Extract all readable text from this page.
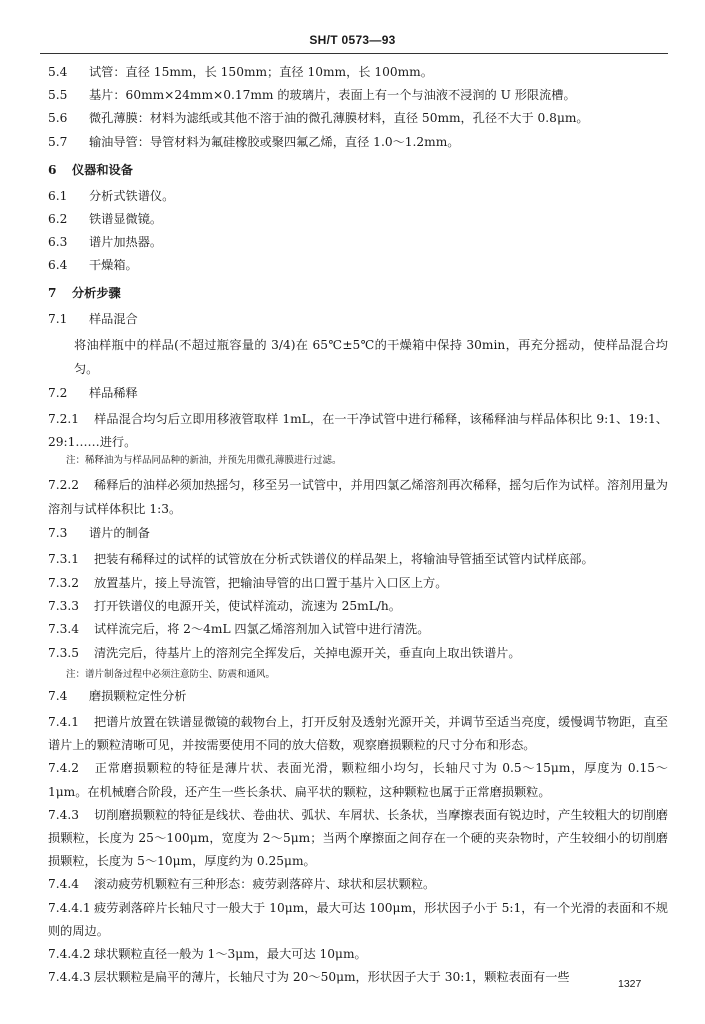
SH/T 0573—93
5.4 试管：直径 15mm，长 150mm；直径 10mm，长 100mm。
5.5 基片：60mm×24mm×0.17mm 的玻璃片，表面上有一个与油液不浸润的 U 形限流槽。
5.6 微孔薄膜：材料为滤纸或其他不溶于油的微孔薄膜材料，直径 50mm，孔径不大于 0.8μm。
5.7 输油导管：导管材料为氟硅橡胶或聚四氟乙烯，直径 1.0～1.2mm。
6 仪器和设备
6.1 分析式铁谱仪。
6.2 铁谱显微镜。
6.3 谱片加热器。
6.4 干燥箱。
7 分析步骤
7.1 样品混合
将油样瓶中的样品(不超过瓶容量的 3/4)在 65℃±5℃的干燥箱中保持 30min，再充分摇动，使样品混合均匀。
7.2 样品稀释
7.2.1 样品混合均匀后立即用移液管取样 1mL，在一干净试管中进行稀释，该稀释油与样品体积比 9:1、19:1、29:1……进行。
注：稀释油为与样品同品种的新油，并预先用微孔薄膜进行过滤。
7.2.2 稀释后的油样必须加热摇匀，移至另一试管中，并用四氯乙烯溶剂再次稀释，摇匀后作为试样。溶剂用量为溶剂与试样体积比 1:3。
7.3 谱片的制备
7.3.1 把装有稀释过的试样的试管放在分析式铁谱仪的样品架上，将输油导管插至试管内试样底部。
7.3.2 放置基片，接上导流管，把输油导管的出口置于基片入口区上方。
7.3.3 打开铁谱仪的电源开关，使试样流动，流速为 25mL/h。
7.3.4 试样流完后，将 2～4mL 四氯乙烯溶剂加入试管中进行清洗。
7.3.5 清洗完后，待基片上的溶剂完全挥发后，关掉电源开关，垂直向上取出铁谱片。
注：谱片制备过程中必须注意防尘、防震和通风。
7.4 磨损颗粒定性分析
7.4.1 把谱片放置在铁谱显微镜的载物台上，打开反射及透射光源开关，并调节至适当亮度，缓慢调节物距，直至谱片上的颗粒清晰可见，并按需要使用不同的放大倍数，观察磨损颗粒的尺寸分布和形态。
7.4.2 正常磨损颗粒的特征是薄片状、表面光滑，颗粒细小均匀，长轴尺寸为 0.5～15μm，厚度为 0.15～1μm。在机械磨合阶段，还产生一些长条状、扁平状的颗粒，这种颗粒也属于正常磨损颗粒。
7.4.3 切削磨损颗粒的特征是线状、卷曲状、弧状、车屑状、长条状，当摩擦表面有锐边时，产生较粗大的切削磨损颗粒，长度为 25～100μm，宽度为 2～5μm；当两个摩擦面之间存在一个硬的夹杂物时，产生较细小的切削磨损颗粒，长度为 5～10μm，厚度约为 0.25μm。
7.4.4 滚动疲劳机颗粒有三种形态：疲劳剥落碎片、球状和层状颗粒。
7.4.4.1 疲劳剥落碎片长轴尺寸一般大于 10μm，最大可达 100μm，形状因子小于 5:1，有一个光滑的表面和不规则的周边。
7.4.4.2 球状颗粒直径一般为 1～3μm，最大可达 10μm。
7.4.4.3 层状颗粒是扁平的薄片，长轴尺寸为 20～50μm，形状因子大于 30:1，颗粒表面有一些	1327
